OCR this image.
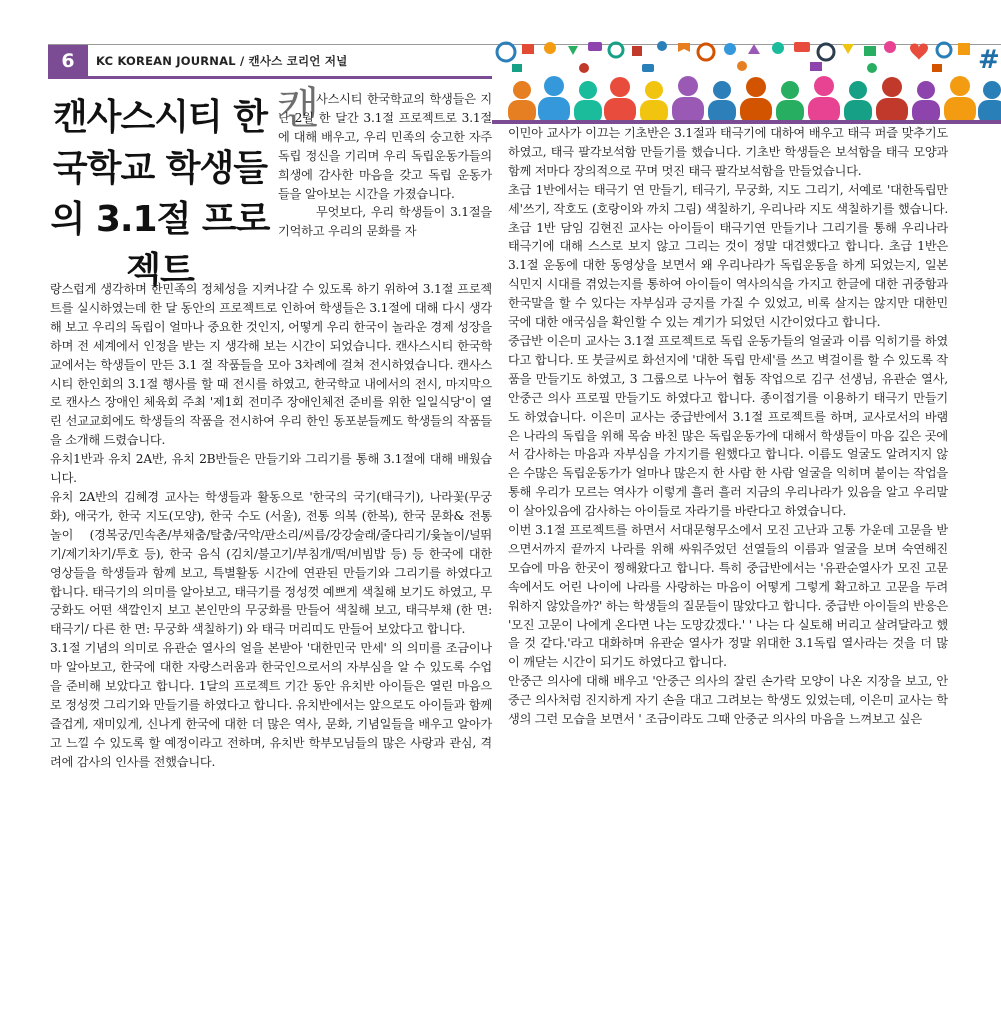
6	KC KOREAN JOURNAL / 캔사스 코리언 저널	#
캔사스시티 한국학교 학생들의 3.1절 프로젝트
캔

사스시티 한국학교의 학생들은 지난 2월 한 달간 3.1절 프로젝트로 3.1절에 대해 배우고, 우리 민족의 숭고한 자주독립 정신을 기리며 우리 독립운동가들의 희생에 감사한 마음을 갖고 독립 운동가들을 알아보는 시간을 가졌습니다.

무엇보다, 우리 학생들이 3.1절을 기억하고 우리의 문화를 자

랑스럽게 생각하며 한민족의 정체성을 지켜나갈 수 있도록 하기 위하여 3.1절 프로젝트를 실시하였는데 한 달 동안의 프로젝트로 인하여 학생들은 3.1절에 대해 다시 생각해 보고 우리의 독립이 얼마나 중요한 것인지, 어떻게 우리 한국이 놀라운 경제 성장을 하며 전 세계에서 인정을 받는 지 생각해 보는 시간이 되었습니다. 캔사스시티 한국학교에서는 학생들이 만든 3.1 절 작품들을 모아 3차례에 걸쳐 전시하였습니다. 캔사스시티 한인회의 3.1절 행사를 할 때 전시를 하였고, 한국학교 내에서의 전시, 마지막으로 캔사스 장애인 체육회 주최 '제1회 전미주 장애인체전 준비를 위한 일일식당'이 열린 선교교회에도 학생들의 작품을 전시하여 우리 한인 동포분들께도 학생들의 작품들을 소개해 드렸습니다.

유치1반과 유치 2A반, 유치 2B반들은 만들기와 그리기를 통해 3.1절에 대해 배웠습니다.

유치 2A반의 김혜경 교사는 학생들과 활동으로 '한국의 국기(태극기), 나라꽃(무궁화), 애국가, 한국 지도(모양), 한국 수도 (서울), 전통 의복 (한복), 한국 문화& 전통 놀이 (경복궁/민속촌/부채춤/탈춤/국악/판소리/씨름/강강술래/줄다리기/윷놀이/널뛰기/제기차기/투호 등), 한국 음식 (김치/불고기/부침개/떡/비빔밥 등) 등 한국에 대한 영상들을 학생들과 함께 보고, 특별활동 시간에 연관된 만들기와 그리기를 하였다고 합니다. 태극기의 의미를 알아보고, 태극기를 정성껏 예쁘게 색칠해 보기도 하였고, 무궁화도 어떤 색깔인지 보고 본인만의 무궁화를 만들어 색칠해 보고, 태극부채 (한 면: 태극기/ 다른 한 면: 무궁화 색칠하기) 와 태극 머리띠도 만들어 보았다고 합니다.

3.1절 기념의 의미로 유관순 열사의 얼을 본받아 '대한민국 만세' 의 의미를 조금이나마 알아보고, 한국에 대한 자랑스러움과 한국인으로서의 자부심을 알 수 있도록 수업을 준비해 보았다고 합니다. 1달의 프로젝트 기간 동안 유치반 아이들은 열린 마음으로 정성껏 그리기와 만들기를 하였다고 합니다. 유치반에서는 앞으로도 아이들과 함께 즐겁게, 재미있게, 신나게 한국에 대한 더 많은 역사, 문화, 기념일들을 배우고 알아가고 느낄 수 있도록 할 예정이라고 전하며, 유치반 학부모님들의 많은 사랑과 관심, 격려에 감사의 인사를 전했습니다.

이민아 교사가 이끄는 기초반은 3.1절과 태극기에 대하여 배우고 태극 퍼즐 맞추기도 하였고, 태극 팔각보석함 만들기를 했습니다. 기초반 학생들은 보석함을 태극 모양과 함께 저마다 장의적으로 꾸며 멋진 태극 팔각보석함을 만들었습니다.

초급 1반에서는 태극기 연 만들기, 테극기, 무궁화, 지도 그리기, 서예로 '대한독립만세'쓰기, 작호도 (호랑이와 까치 그림) 색칠하기, 우리나라 지도 색칠하기를 했습니다. 초급 1반 담임 김현진 교사는 아이들이 태극기연 만들기나 그리기를 통해 우리나라 태극기에 대해 스스로 보지 않고 그리는 것이 정말 대견했다고 합니다. 초급 1반은 3.1절 운동에 대한 동영상을 보면서 왜 우리나라가 독립운동을 하게 되었는지, 일본 식민지 시대를 겪었는지를 통하여 아이들이 역사의식을 가지고 한글에 대한 귀중함과 한국말을 할 수 있다는 자부심과 긍지를 가질 수 있었고, 비록 살지는 않지만 대한민국에 대한 애국심을 확인할 수 있는 계기가 되었던 시간이었다고 합니다.

중급반 이은미 교사는 3.1절 프로젝트로 독립 운동가들의 얼굴과 이름 익히기를 하였다고 합니다. 또 붓글씨로 화선지에 '대한 독립 만세'를 쓰고 벽걸이를 할 수 있도록 작품을 만들기도 하였고, 3 그룹으로 나누어 협동 작업으로 김구 선생님, 유관순 열사, 안중근 의사 프로필 만들기도 하였다고 합니다. 종이접기를 이용하기 태극기 만들기도 하였습니다. 이은미 교사는 중급반에서 3.1절 프로젝트를 하며, 교사로서의 바램은 나라의 독립을 위해 목숨 바친 많은 독립운동가에 대해서 학생들이 마음 깊은 곳에서 감사하는 마음과 자부심을 가지기를 원했다고 합니다. 이름도 얼굴도 알려지지 않은 수많은 독립운동가가 얼마나 많은지 한 사람 한 사람 얼굴을 익히며 붙이는 작업을 통해 우리가 모르는 역사가 이렇게 흘러 흘러 지금의 우리나라가 있음을 알고 우리말이 살아있음에 감사하는 아이들로 자라기를 바란다고 하였습니다.

이번 3.1절 프로젝트를 하면서 서대문형무소에서 모진 고난과 고통 가운데 고문을 받으면서까지 끝까지 나라를 위해 싸워주었던 선열들의 이름과 얼굴을 보며 숙연해진 모습에 마음 한곳이 찡해왔다고 합니다. 특히 중급반에서는 '유관순열사가 모진 고문 속에서도 어린 나이에 나라를 사랑하는 마음이 어떻게 그렇게 확고하고 고문을 두려워하지 않았을까?' 하는 학생들의 질문들이 많았다고 합니다. 중급반 아이들의 반응은 '모진 고문이 나에게 온다면 나는 도망갔겠다.' ' 나는 다 실토해 버리고 살려달라고 했을 것 같다.'라고 대화하며 유관순 열사가 정말 위대한 3.1독립 열사라는 것을 더 많이 깨닫는 시간이 되기도 하였다고 합니다.

안중근 의사에 대해 배우고 '안중근 의사의 잘린 손가락 모양이 나온 지장을 보고, 안중근 의사처럼 진지하게 자기 손을 대고 그려보는 학생도 있었는데, 이은미 교사는 학생의 그런 모습을 보면서 ' 조금이라도 그때 안중군 의사의 마음을 느껴보고 싶은
